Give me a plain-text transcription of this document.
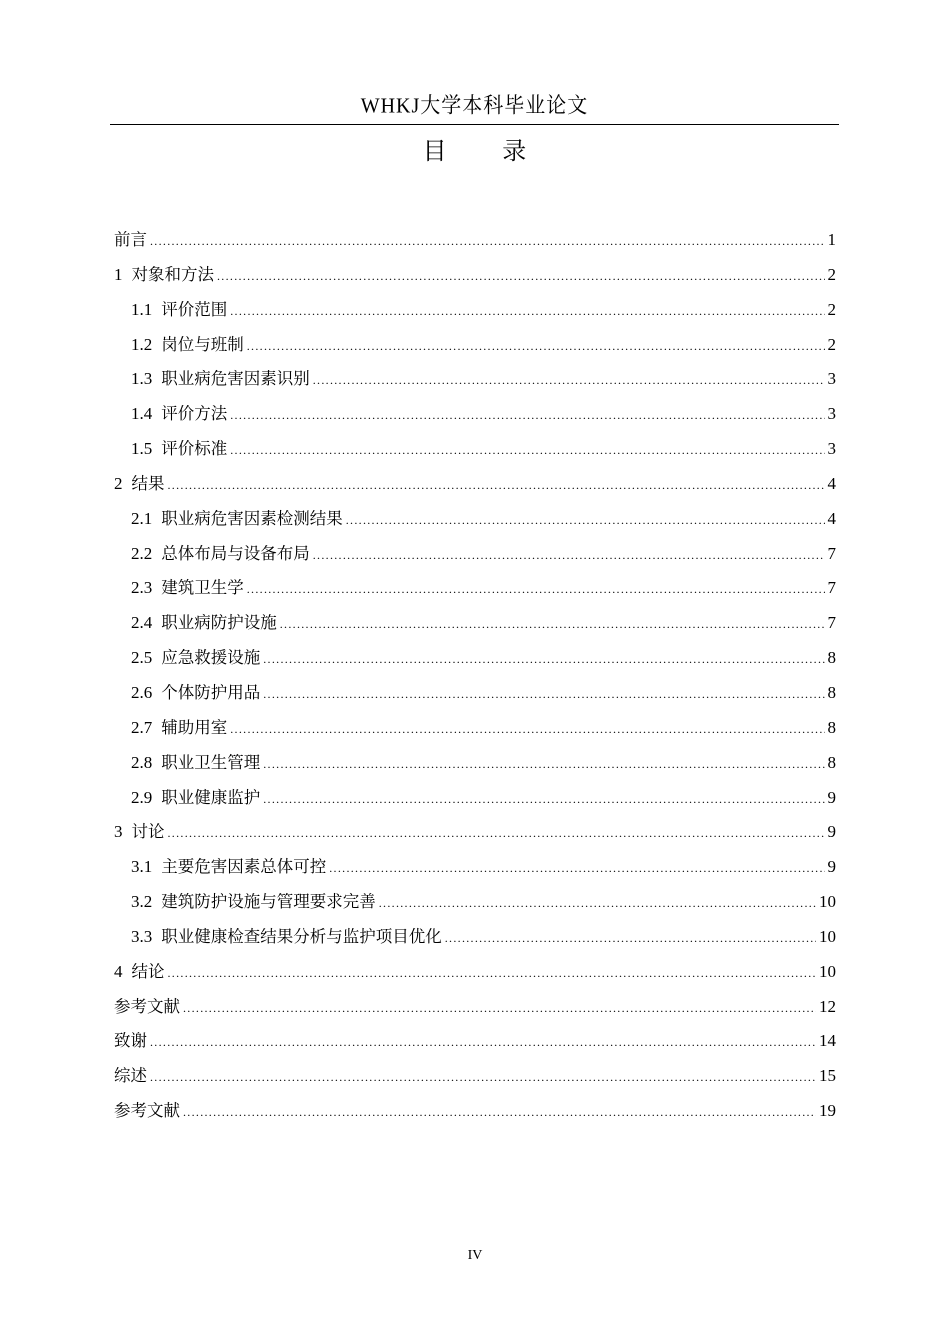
WHKJ大学本科毕业论文
目 录
前言 .....	1
1 对象和方法 .....	2
1.1 评价范围 .....	2
1.2 岗位与班制 .....	2
1.3 职业病危害因素识别 .....	3
1.4 评价方法 .....	3
1.5 评价标准 .....	3
2 结果 .....	4
2.1 职业病危害因素检测结果 .....	4
2.2 总体布局与设备布局 .....	7
2.3 建筑卫生学 .....	7
2.4 职业病防护设施 .....	7
2.5 应急救援设施 .....	8
2.6 个体防护用品 .....	8
2.7 辅助用室 .....	8
2.8 职业卫生管理 .....	8
2.9 职业健康监护 .....	9
3 讨论 .....	9
3.1 主要危害因素总体可控 .....	9
3.2 建筑防护设施与管理要求完善 .....	10
3.3 职业健康检查结果分析与监护项目优化 .....	10
4 结论 .....	10
参考文献 .....	12
致谢 .....	14
综述 .....	15
参考文献 .....	19
IV
